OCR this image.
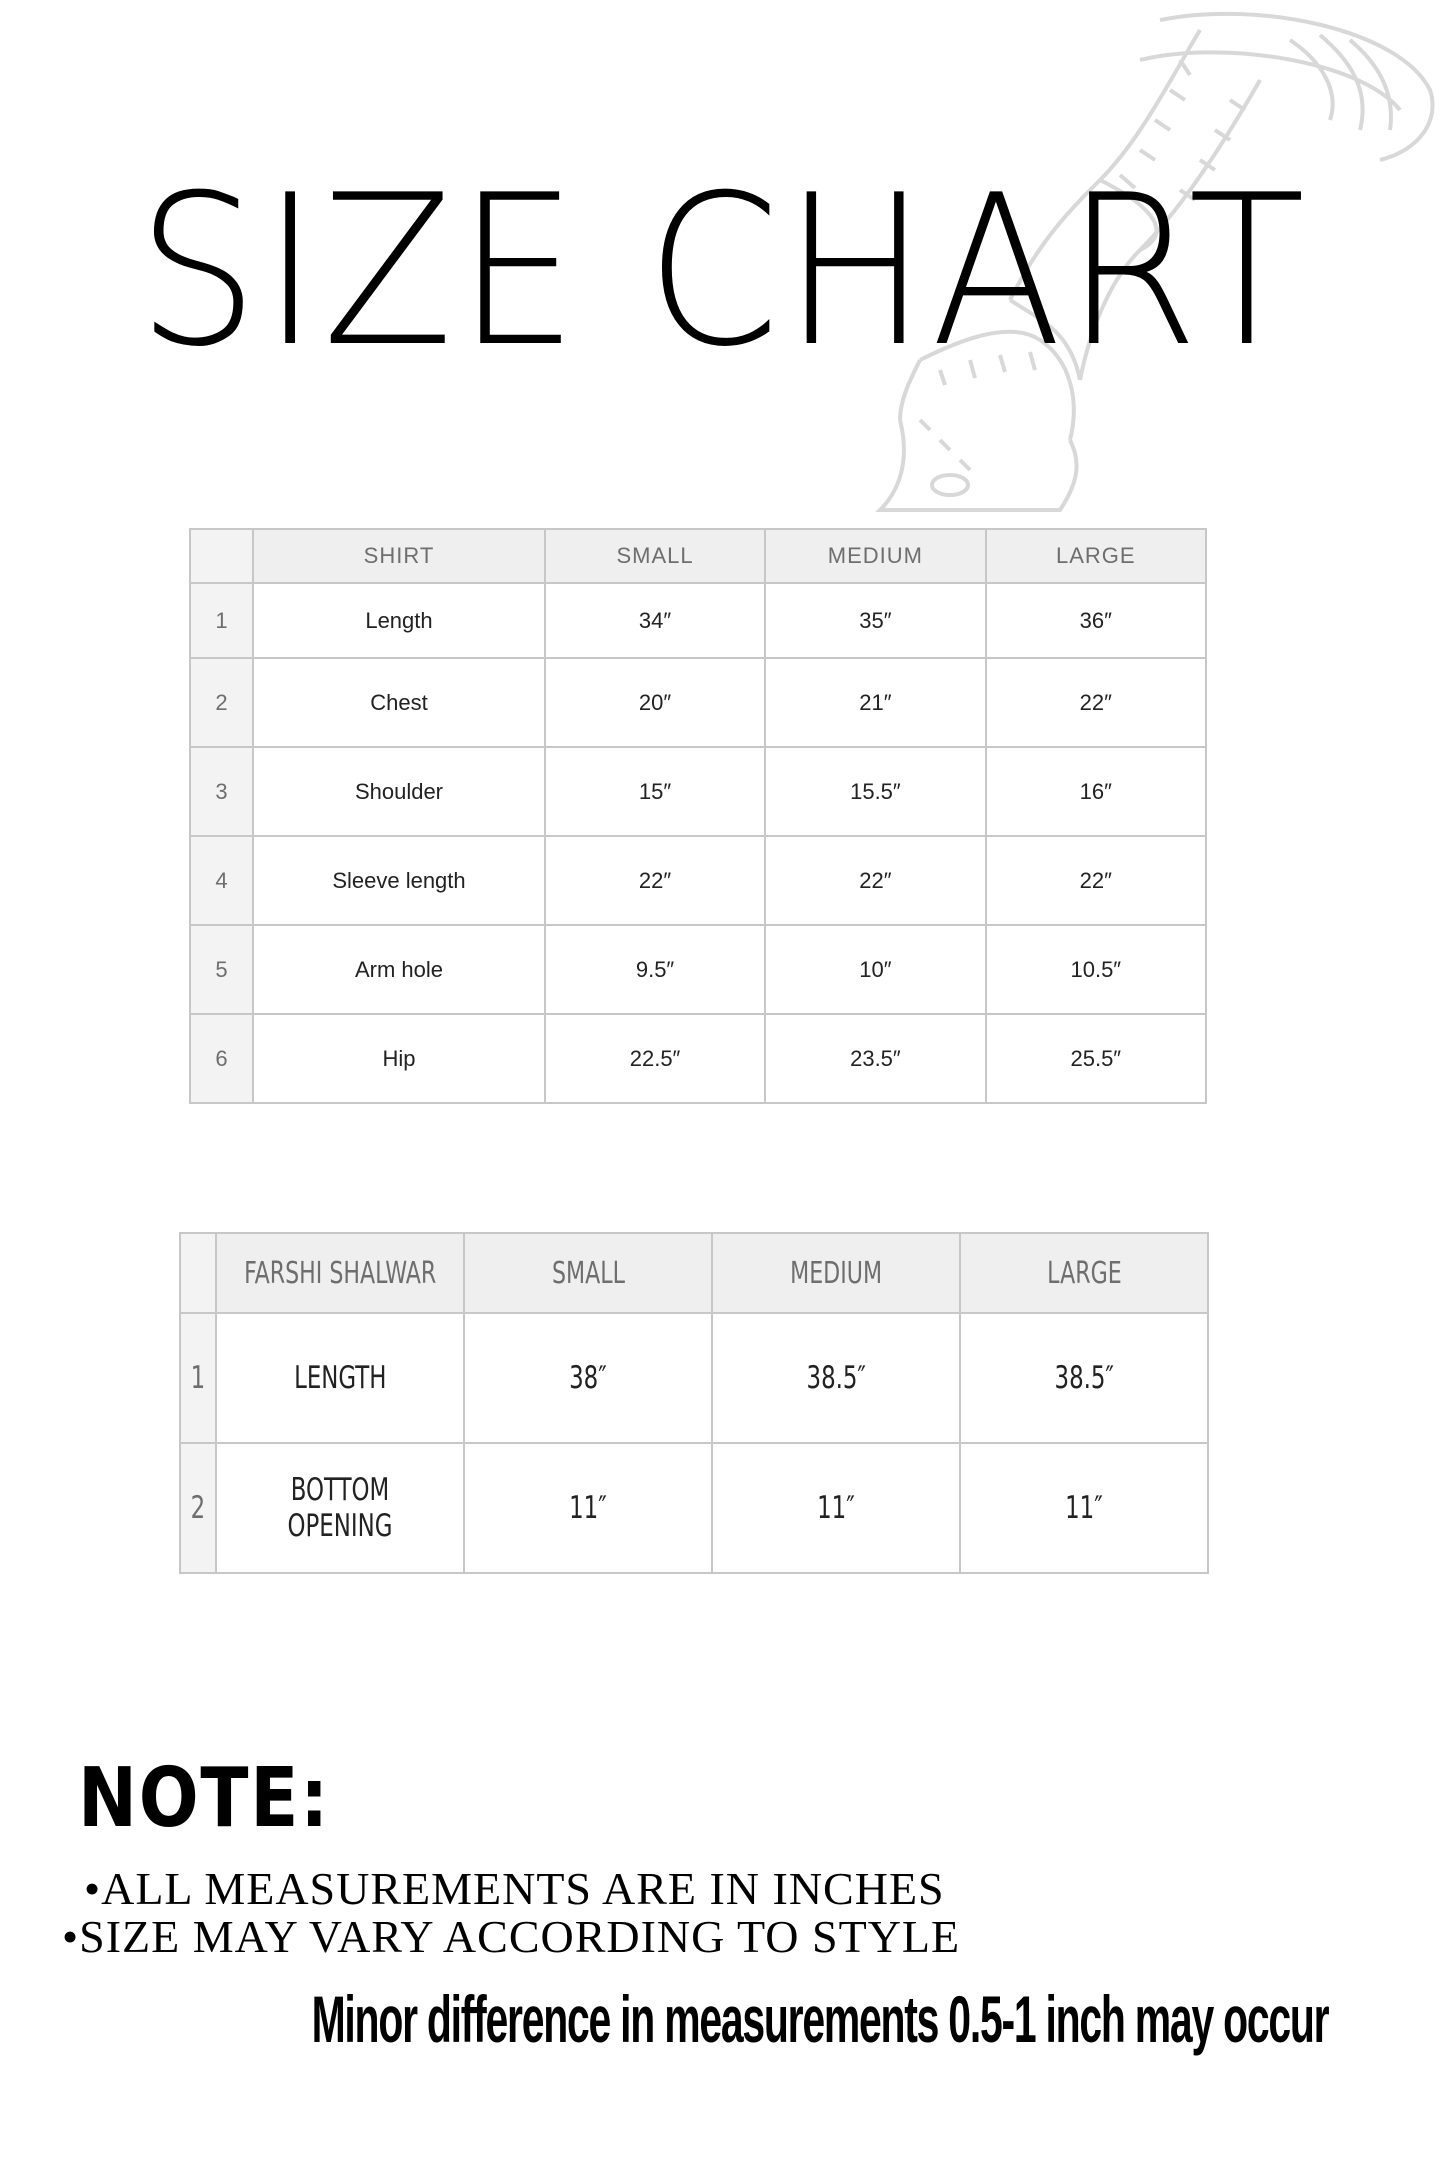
SIZE CHART
	SHIRT	SMALL	MEDIUM	LARGE
1	Length	34″	35″	36″
2	Chest	20″	21″	22″
3	Shoulder	15″	15.5″	16″
4	Sleeve length	22″	22″	22″
5	Arm hole	9.5″	10″	10.5″
6	Hip	22.5″	23.5″	25.5″
	FARSHI SHALWAR	SMALL	MEDIUM	LARGE
1	LENGTH	38″	38.5″	38.5″
2	BOTTOM
OPENING	11″	11″	11″
NOTE:
•ALL MEASUREMENTS ARE IN INCHES
•SIZE MAY VARY ACCORDING TO STYLE
Minor difference in measurements 0.5-1 inch may occur
